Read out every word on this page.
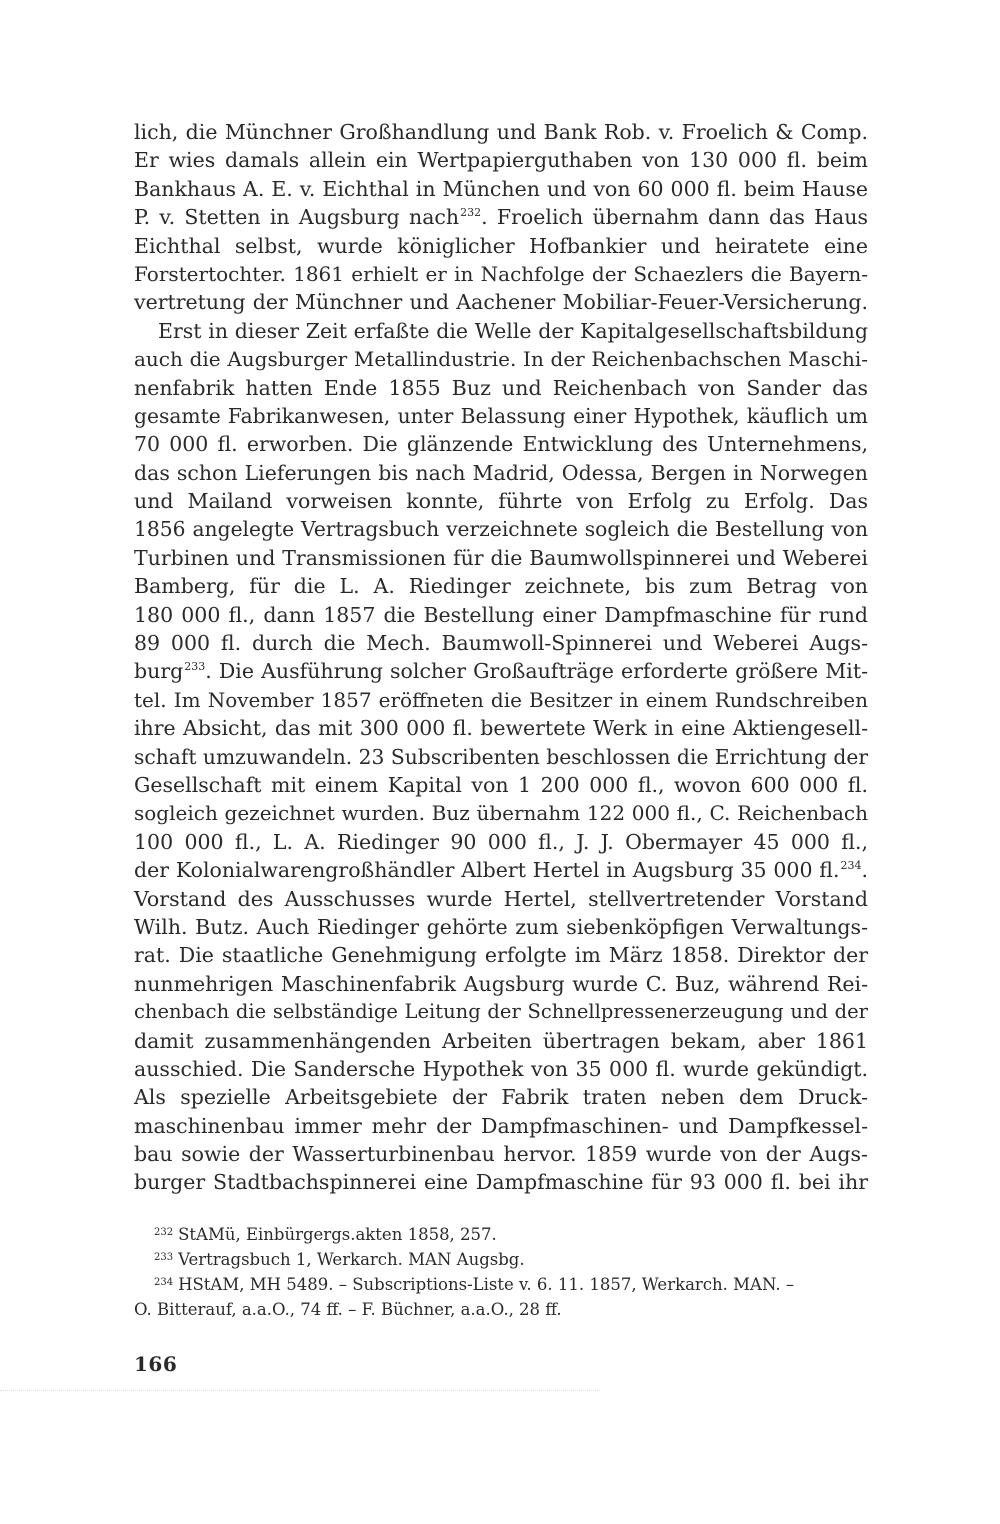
lich, die Münchner Großhandlung und Bank Rob. v. Froelich & Comp.
Er wies damals allein ein Wertpapierguthaben von 130 000 fl. beim
Bankhaus A. E. v. Eichthal in München und von 60 000 fl. beim Hause
P. v. Stetten in Augsburg nach$^{232}$. Froelich übernahm dann das Haus
Eichthal selbst, wurde königlicher Hofbankier und heiratete eine
Forstertochter. 1861 erhielt er in Nachfolge der Schaezlers die Bayern-
vertretung der Münchner und Aachener Mobiliar-Feuer-Versicherung.
Erst in dieser Zeit erfaßte die Welle der Kapitalgesellschaftsbildung
auch die Augsburger Metallindustrie. In der Reichenbachschen Maschi-
nenfabrik hatten Ende 1855 Buz und Reichenbach von Sander das
gesamte Fabrikanwesen, unter Belassung einer Hypothek, käuflich um
70 000 fl. erworben. Die glänzende Entwicklung des Unternehmens,
das schon Lieferungen bis nach Madrid, Odessa, Bergen in Norwegen
und Mailand vorweisen konnte, führte von Erfolg zu Erfolg. Das
1856 angelegte Vertragsbuch verzeichnete sogleich die Bestellung von
Turbinen und Transmissionen für die Baumwollspinnerei und Weberei
Bamberg, für die L. A. Riedinger zeichnete, bis zum Betrag von
180 000 fl., dann 1857 die Bestellung einer Dampfmaschine für rund
89 000 fl. durch die Mech. Baumwoll-Spinnerei und Weberei Augs-
burg$^{233}$. Die Ausführung solcher Großaufträge erforderte größere Mit-
tel. Im November 1857 eröffneten die Besitzer in einem Rundschreiben
ihre Absicht, das mit 300 000 fl. bewertete Werk in eine Aktiengesell-
schaft umzuwandeln. 23 Subscribenten beschlossen die Errichtung der
Gesellschaft mit einem Kapital von 1 200 000 fl., wovon 600 000 fl.
sogleich gezeichnet wurden. Buz übernahm 122 000 fl., C. Reichenbach
100 000 fl., L. A. Riedinger 90 000 fl., J. J. Obermayer 45 000 fl.,
der Kolonialwarengroßhändler Albert Hertel in Augsburg 35 000 fl.$^{234}$.
Vorstand des Ausschusses wurde Hertel, stellvertretender Vorstand
Wilh. Butz. Auch Riedinger gehörte zum siebenköpfigen Verwaltungs-
rat. Die staatliche Genehmigung erfolgte im März 1858. Direktor der
nunmehrigen Maschinenfabrik Augsburg wurde C. Buz, während Rei-
chenbach die selbständige Leitung der Schnellpressenerzeugung und der
damit zusammenhängenden Arbeiten übertragen bekam, aber 1861
ausschied. Die Sandersche Hypothek von 35 000 fl. wurde gekündigt.
Als spezielle Arbeitsgebiete der Fabrik traten neben dem Druck-
maschinenbau immer mehr der Dampfmaschinen- und Dampfkessel-
bau sowie der Wasserturbinenbau hervor. 1859 wurde von der Augs-
burger Stadtbachspinnerei eine Dampfmaschine für 93 000 fl. bei ihr
$^{232}$ StAMü, Einbürgergs.akten 1858, 257.
$^{233}$ Vertragsbuch 1, Werkarch. MAN Augsbg.
$^{234}$ HStAM, MH 5489. – Subscriptions-Liste v. 6. 11. 1857, Werkarch. MAN. –
O. Bitterauf, a.a.O., 74 ff. – F. Büchner, a.a.O., 28 ff.
166
